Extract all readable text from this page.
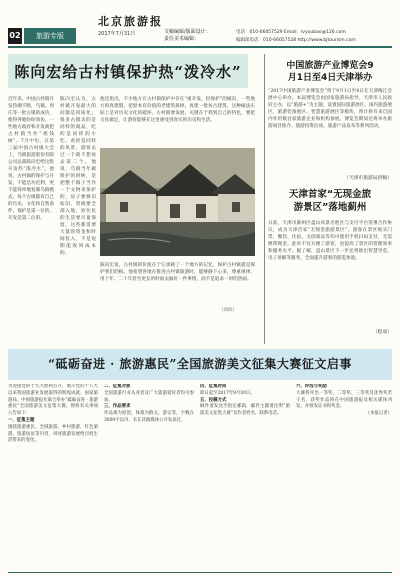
02	旅游专版
北京旅游报
2017年7月31日	文稿编辑/版面设计：
责任美术编辑：
电话：010-66057529 Email：lvyoubao@126.com
编辑部电话：010-66057528 http://www.bjtourism.com
陈向宏给古村镇保护热“泼冷水”
近年来，中国古村镇开发热潮不断，乌镇、周庄等一批古镇的成功，使得各地纷纷效仿，一些地方政府和开发商把古村镇当作“摇钱树”。7月中旬，在第三届中国古村镇大会上，乌镇旅游股份有限公司总裁陈向宏给这股开发热“泼冷水”。他说，古村镇的保护与开发，不能急功近利，更不能简单地复制乌镇模式。每个古镇都有自己的历史、文化和自然条件，保护是第一位的，开发是第二位的。
陈向宏认为，古村镇开发最大的问题是同质化。很多古镇卖的是同样的商品，吃的是同样的小吃，看的是同样的风景，游客去过一个就不想再去第二个。他说，乌镇当年做保护的时候，是把整个镇子当作一个文物来保护的，房子要修旧如旧，管线要全部入地，原住民的生活要尽量保留。这些都需要大量的资金和时间投入，不是短期能收回成本的。
他还指出，不少地方在古村镇保护中存在“重开发、轻保护”的倾向，一些地方拆真建假，把原本有价值的老建筑拆掉，再建一批仿古建筑，这种做法实际上是对历史文化的破坏。古村镇要发展，关键在于找到自己的特色，要把文化做足，让游客能够在这里感受到真实的历史和生活。
陈向宏说，古村镇的价值在于它承载了一个地方的记忆，保护古村镇就是保护我们的根。他希望各地在推进古村镇旅游时，能够静下心来，尊重规律，用十年、二十年甚至更长的时间去做好一件事情，而不是追求一时的热闹。
（刘滨）
中国旅游产业博览会9
月1日至4日天津举办
“2017中国旅游产业博览会”将于9月1日至4日在天津梅江会展中心举办。本届博览会由国家旅游局指导，天津市人民政府主办，以“旅游+”为主题，设置国际旅游展区、国内旅游展区、旅游装备展区、智慧旅游展区等板块，预计将有来自国内外的数百家旅游企业和机构参展。博览会期间还将举办旅游项目推介、旅游投资洽谈、旅游产品发布等系列活动。
（天津市旅游局供稿）
天津首家“无现金旅
游景区”落地蓟州
日前，天津市蓟州区盘山风景名胜区与支付平台签署合作协议，成为天津首家“无现金旅游景区”。游客在景区购买门票、餐饮、住宿、文创商品等均可使用手机扫码支付，无需携带现金。此举不仅方便了游客，也提高了景区的管理效率和服务水平。据了解，盘山景区下一步还将推出智慧导览、电子讲解等服务，全面提升游客的游览体验。
（程成）
“砥砺奋进 · 旅游惠民”全国旅游美文征集大赛征文启事
为迎接党的十九大胜利召开，展示党的十八大以来我国旅游业发展取得的辉煌成就，国家旅游局、中国旅游报社联合举办“砥砺奋进 · 旅游惠民”全国旅游美文征集大赛。现将有关事项公告如下：
一、征集主题
围绕旅游惠民、全域旅游、乡村旅游、红色旅游、旅游扶贫等内容，讲述旅游发展给百姓生活带来的变化。
二、征集对象
全国旅游行业从业者及广大旅游爱好者均可参加。
三、作品要求
作品须为原创，体裁为散文、游记等，字数在3000字以内，未在其他媒体公开发表过。
四、征集时间
即日起至2017年9月30日。
五、投稿方式
稿件请发送至指定邮箱，邮件主题请注明“旅游美文征集大赛”及作者姓名、联系电话。
六、评选与奖励
大赛将评出一等奖、二等奖、三等奖及优秀奖若干名，获奖作品将在中国旅游报及相关媒体刊发，并颁发证书和奖金。
（本报记者）
